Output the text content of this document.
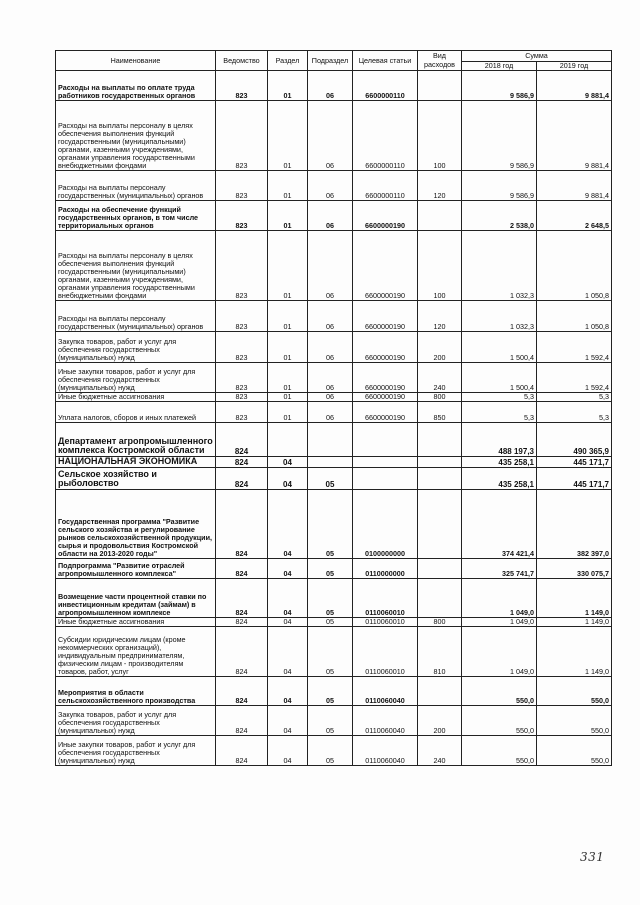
Наименование	Ведомство	Раздел	Подраздел	Целевая статьи	Вид расходов	Сумма	
						2018 год	2019 год
Расходы на выплаты по оплате труда работников государственных органов	823	01	06	6600000110		9 586,9	9 881,4
Расходы на выплаты персоналу в целях обеспечения выполнения функций государственными (муниципальными) органами, казенными учреждениями, органами управления государственными внебюджетными фондами	823	01	06	6600000110	100	9 586,9	9 881,4
Расходы на выплаты персоналу государственных (муниципальных) органов	823	01	06	6600000110	120	9 586,9	9 881,4
Расходы на обеспечение функций государственных органов, в том числе территориальных органов	823	01	06	6600000190		2 538,0	2 648,5
Расходы на выплаты персоналу в целях обеспечения выполнения функций государственными (муниципальными) органами, казенными учреждениями, органами управления государственными внебюджетными фондами	823	01	06	6600000190	100	1 032,3	1 050,8
Расходы на выплаты персоналу государственных (муниципальных) органов	823	01	06	6600000190	120	1 032,3	1 050,8
Закупка товаров, работ и услуг для обеспечения государственных (муниципальных) нужд	823	01	06	6600000190	200	1 500,4	1 592,4
Иные закупки товаров, работ и услуг для обеспечения государственных (муниципальных) нужд	823	01	06	6600000190	240	1 500,4	1 592,4
Иные бюджетные ассигнования	823	01	06	6600000190	800	5,3	5,3
Уплата налогов, сборов и иных платежей	823	01	06	6600000190	850	5,3	5,3
Департамент агропромышленного комплекса Костромской области	824					488 197,3	490 365,9
НАЦИОНАЛЬНАЯ ЭКОНОМИКА	824	04				435 258,1	445 171,7
Сельское хозяйство и рыболовство	824	04	05			435 258,1	445 171,7
Государственная программа "Развитие сельского хозяйства и регулирование рынков сельскохозяйственной продукции, сырья и продовольствия Костромской области на 2013-2020 годы"	824	04	05	0100000000		374 421,4	382 397,0
Подпрограмма "Развитие отраслей агропромышленного комплекса"	824	04	05	0110000000		325 741,7	330 075,7
Возмещение части процентной ставки по инвестиционным кредитам (займам) в агропромышленном комплексе	824	04	05	0110060010		1 049,0	1 149,0
Иные бюджетные ассигнования	824	04	05	0110060010	800	1 049,0	1 149,0
Субсидии юридическим лицам (кроме некоммерческих организаций), индивидуальным предпринимателям, физическим лицам - производителям товаров, работ, услуг	824	04	05	0110060010	810	1 049,0	1 149,0
Мероприятия в области сельскохозяйственного производства	824	04	05	0110060040		550,0	550,0
Закупка товаров, работ и услуг для обеспечения государственных (муниципальных) нужд	824	04	05	0110060040	200	550,0	550,0
Иные закупки товаров, работ и услуг для обеспечения государственных (муниципальных) нужд	824	04	05	0110060040	240	550,0	550,0
331
